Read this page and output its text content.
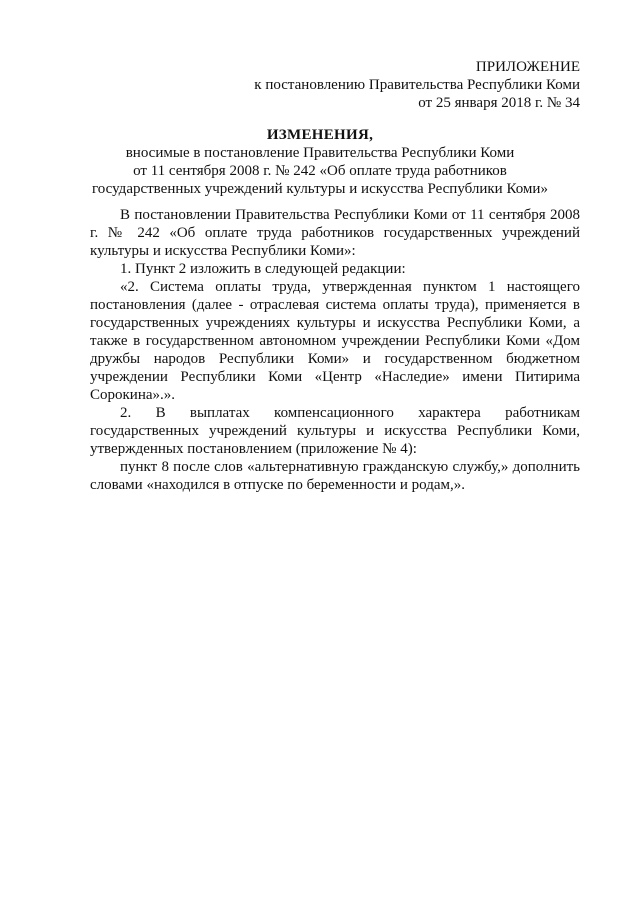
ПРИЛОЖЕНИЕ
к постановлению Правительства Республики Коми
от 25 января 2018 г. № 34
ИЗМЕНЕНИЯ,
вносимые в постановление Правительства Республики Коми
от 11 сентября 2008 г. № 242 «Об оплате труда работников
государственных учреждений культуры и искусства Республики Коми»

В постановлении Правительства Республики Коми от 11 сентября 2008 г. № 242 «Об оплате труда работников государственных учреждений культуры и искусства Республики Коми»:

1. Пункт 2 изложить в следующей редакции:

«2. Система оплаты труда, утвержденная пунктом 1 настоящего постановления (далее - отраслевая система оплаты труда), применяется в государственных учреждениях культуры и искусства Республики Коми, а также в государственном автономном учреждении Республики Коми «Дом дружбы народов Республики Коми» и государственном бюджетном учреждении Республики Коми «Центр «Наследие» имени Питирима Сорокина».».

2. В выплатах компенсационного характера работникам государственных учреждений культуры и искусства Республики Коми, утвержденных постановлением (приложение № 4):

пункт 8 после слов «альтернативную гражданскую службу,» дополнить словами «находился в отпуске по беременности и родам,».
